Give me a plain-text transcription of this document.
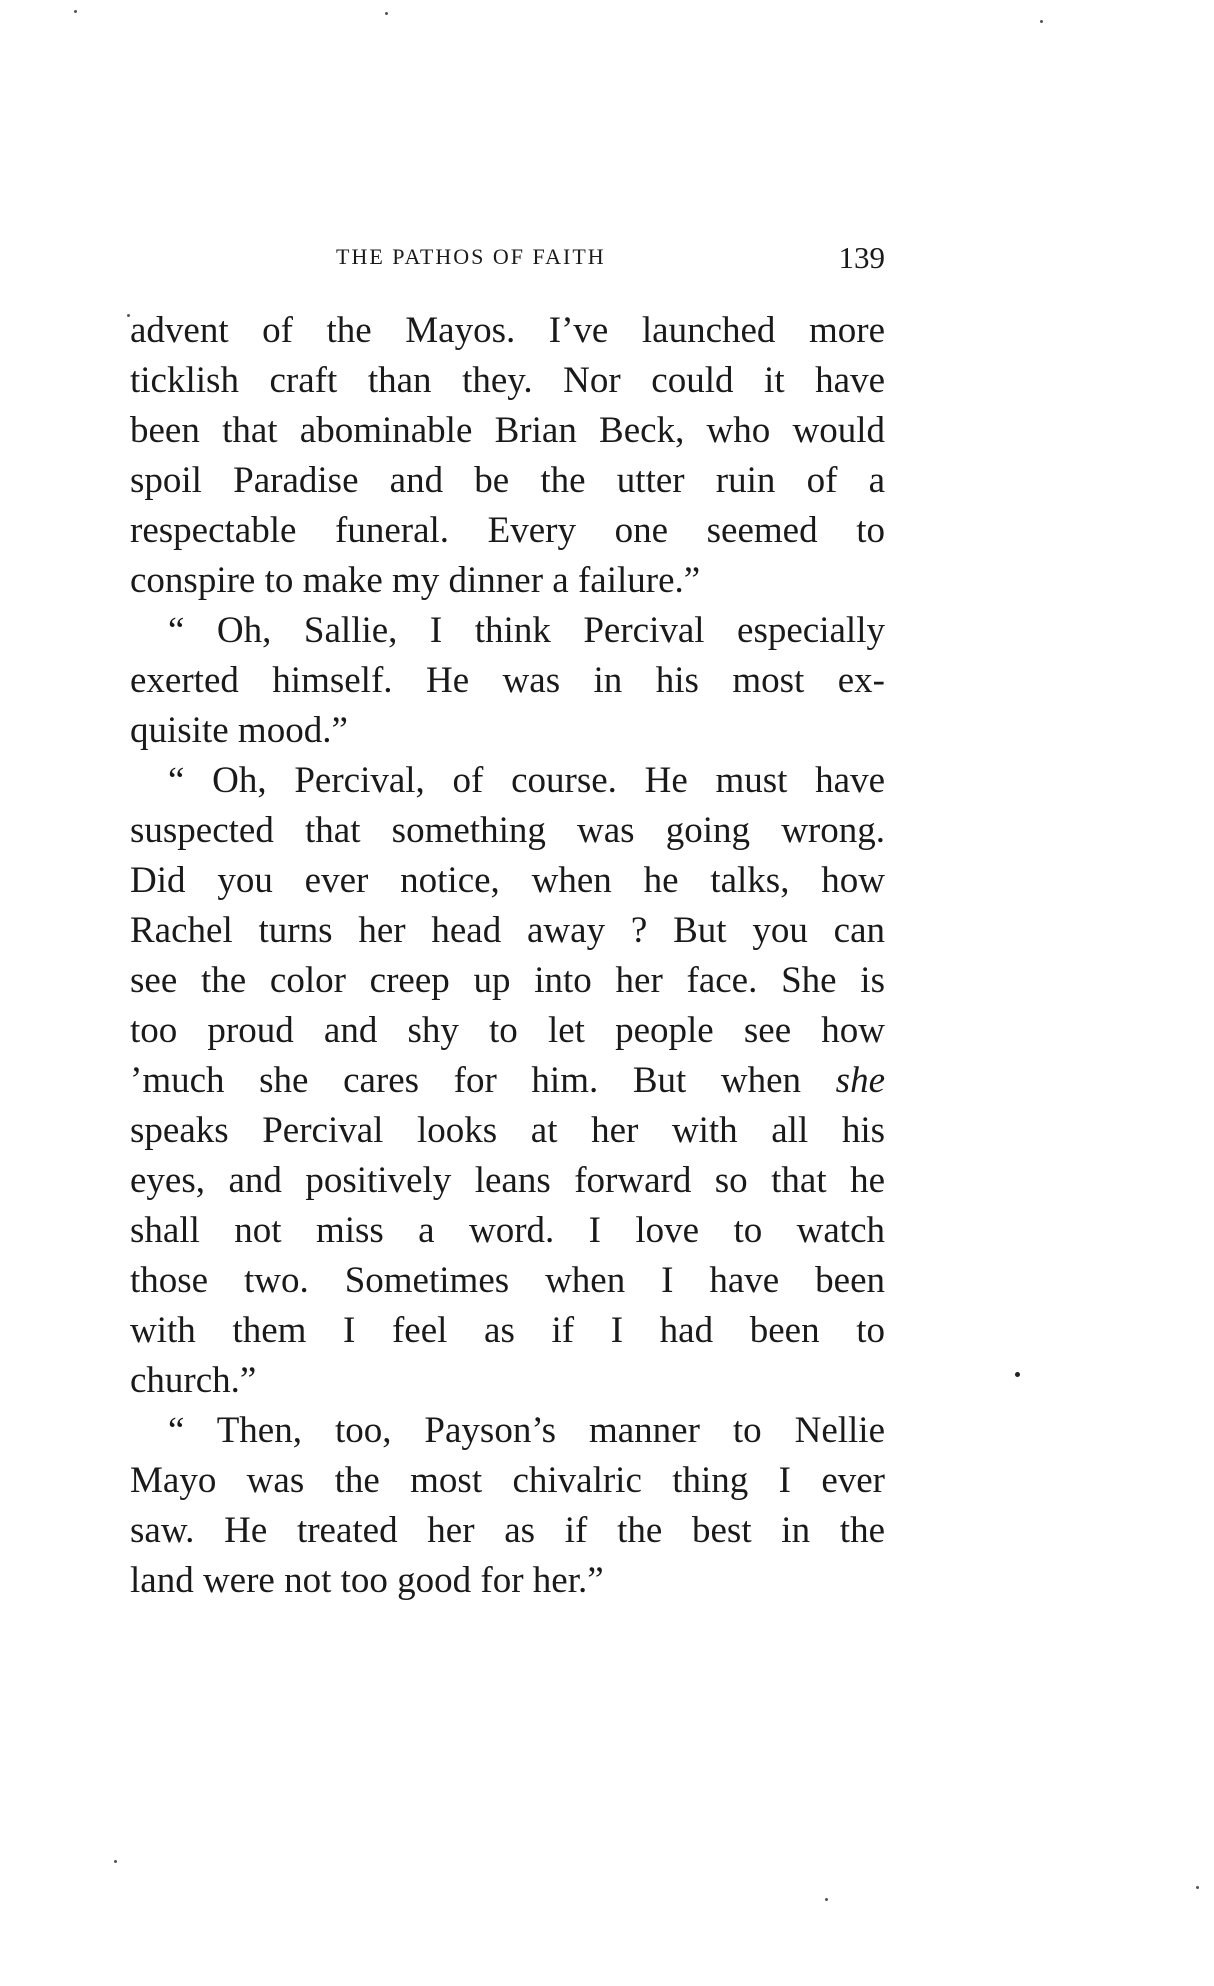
THE PATHOS OF FAITH	139
advent of the Mayos. I’ve launched more
ticklish craft than they. Nor could it have
been that abominable Brian Beck, who would
spoil Paradise and be the utter ruin of a
respectable funeral. Every one seemed to
conspire to make my dinner a failure.”
“ Oh, Sallie, I think Percival especially
exerted himself. He was in his most ex-
quisite mood.”
“ Oh, Percival, of course. He must have
suspected that something was going wrong.
Did you ever notice, when he talks, how
Rachel turns her head away ? But you can
see the color creep up into her face. She is
too proud and shy to let people see how
’much she cares for him. But when she
speaks Percival looks at her with all his
eyes, and positively leans forward so that he
shall not miss a word. I love to watch
those two. Sometimes when I have been
with them I feel as if I had been to
church.”
“ Then, too, Payson’s manner to Nellie
Mayo was the most chivalric thing I ever
saw. He treated her as if the best in the
land were not too good for her.”
